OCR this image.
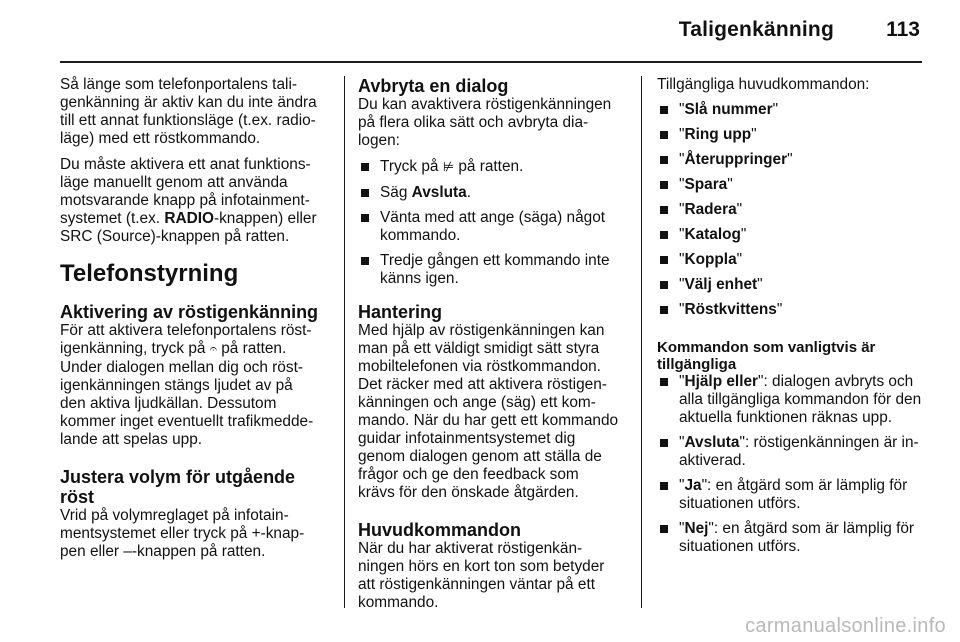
Taligenkänning 113

Så länge som telefonportalens tali-
genkänning är aktiv kan du inte ändra
till ett annat funktionsläge (t.ex. radio-
läge) med ett röstkommando.

Du måste aktivera ett anat funktions-
läge manuellt genom att använda
motsvarande knapp på infotainment-
systemet (t.ex. RADIO-knappen) eller
SRC (Source)-knappen på ratten.

Telefonstyrning
Aktivering av röstigenkänning

För att aktivera telefonportalens röst-
igenkänning, tryck på 𝄐 på ratten.
Under dialogen mellan dig och röst-
igenkänningen stängs ljudet av på
den aktiva ljudkällan. Dessutom
kommer inget eventuellt trafikmedde-
lande att spelas upp.

Justera volym för utgående röst

Vrid på volymreglaget på infotain-
mentsystemet eller tryck på +-knap-
pen eller –-knappen på ratten.

Avbryta en dialog

Du kan avaktivera röstigenkänningen
på flera olika sätt och avbryta dia-
logen:

Tryck på ⊭ på ratten.
Säg Avsluta.
Vänta med att ange (säga) något
kommando.
Tredje gången ett kommando inte
känns igen.
Hantering

Med hjälp av röstigenkänningen kan
man på ett väldigt smidigt sätt styra
mobiltelefonen via röstkommandon.
Det räcker med att aktivera röstigen-
känningen och ange (säg) ett kom-
mando. När du har gett ett kommando
guidar infotainmentsystemet dig
genom dialogen genom att ställa de
frågor och ge den feedback som
krävs för den önskade åtgärden.

Huvudkommandon

När du har aktiverat röstigenkän-
ningen hörs en kort ton som betyder
att röstigenkänningen väntar på ett
kommando.

Tillgängliga huvudkommandon:

"Slå nummer"
"Ring upp"
"Återuppringer"
"Spara"
"Radera"
"Katalog"
"Koppla"
"Välj enhet"
"Röstkvittens"
Kommandon som vanligtvis är
tillgängliga
"Hjälp eller": dialogen avbryts och
alla tillgängliga kommandon för den
aktuella funktionen räknas upp.
"Avsluta": röstigenkänningen är in-
aktiverad.
"Ja": en åtgärd som är lämplig för
situationen utförs.
"Nej": en åtgärd som är lämplig för
situationen utförs.
carmanualsonline.info
